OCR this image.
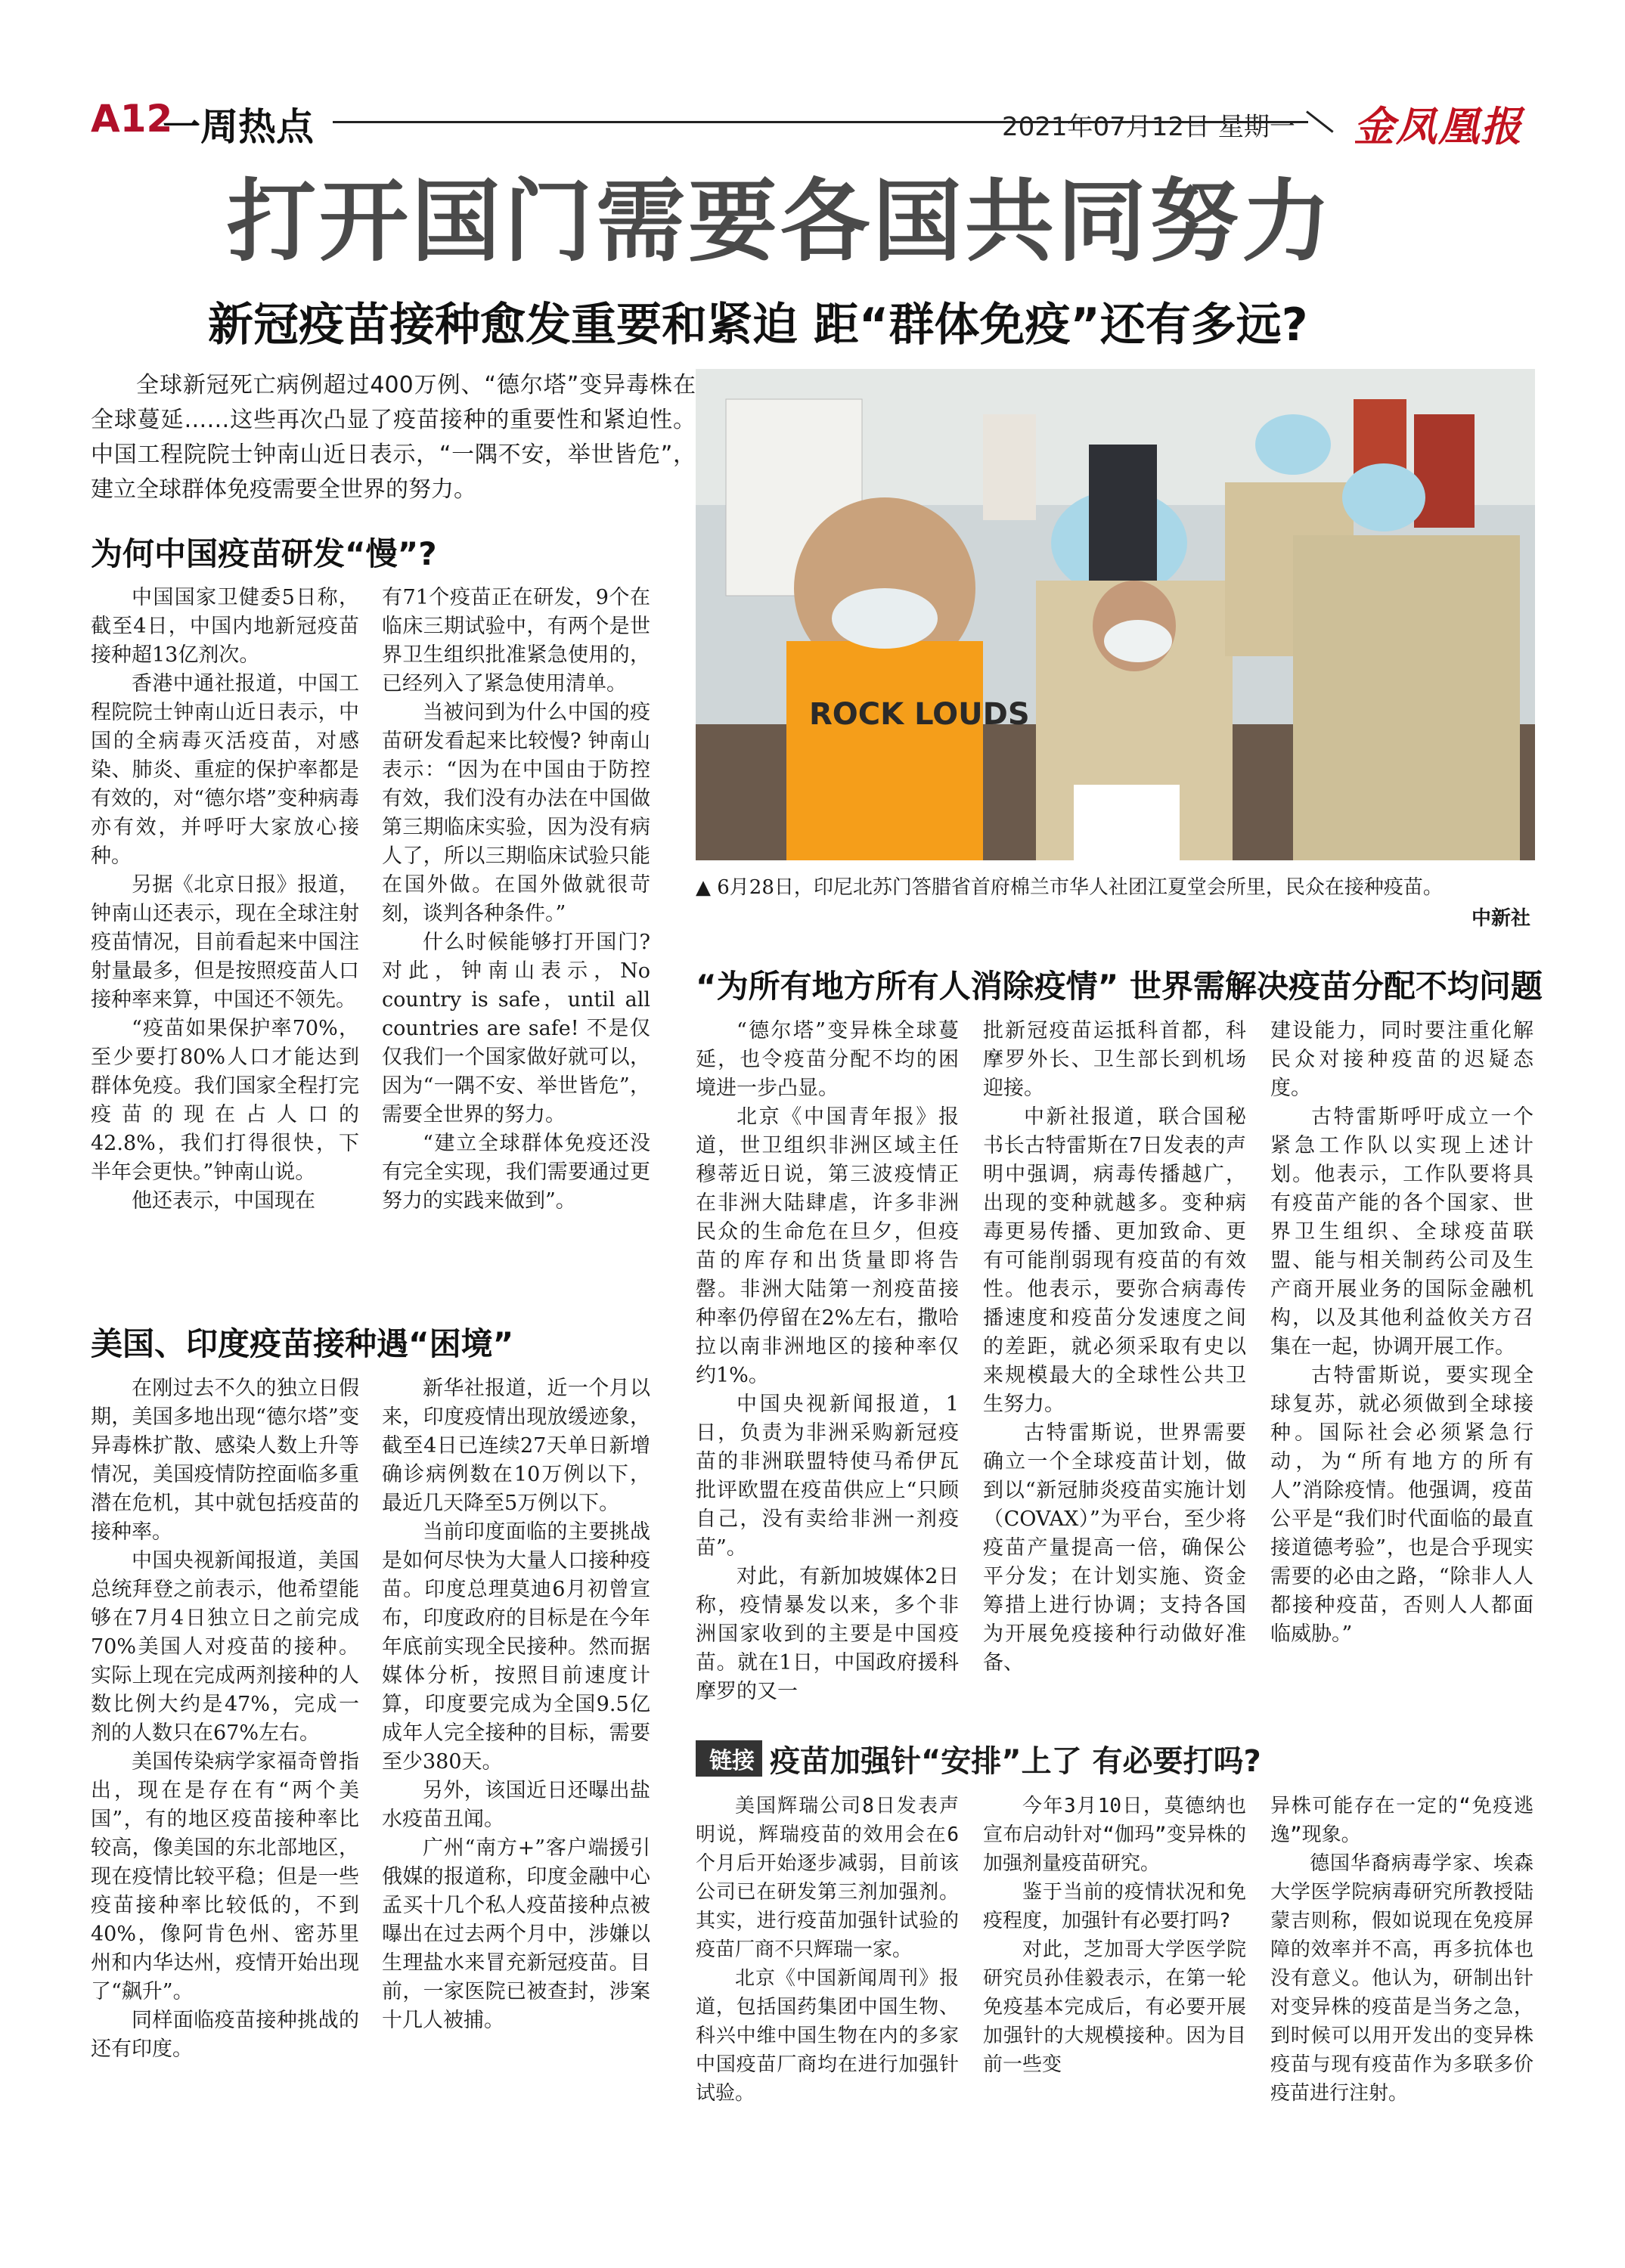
A12
一周热点	2021年07月12日 星期一 金凤凰报
打开国门需要各国共同努力
新冠疫苗接种愈发重要和紧迫 距“群体免疫”还有多远?
全球新冠死亡病例超过400万例、“德尔塔”变异毒株在全球蔓延……这些再次凸显了疫苗接种的重要性和紧迫性。中国工程院院士钟南山近日表示，“一隅不安，举世皆危”，建立全球群体免疫需要全世界的努力。
为何中国疫苗研发“慢”?

中国国家卫健委5日称，截至4日，中国内地新冠疫苗接种超13亿剂次。

香港中通社报道，中国工程院院士钟南山近日表示，中国的全病毒灭活疫苗，对感染、肺炎、重症的保护率都是有效的，对“德尔塔”变种病毒亦有效，并呼吁大家放心接种。

另据《北京日报》报道，钟南山还表示，现在全球注射疫苗情况，目前看起来中国注射量最多，但是按照疫苗人口接种率来算，中国还不领先。

“疫苗如果保护率70%，至少要打80%人口才能达到群体免疫。我们国家全程打完疫苗的现在占人口的42.8%，我们打得很快，下半年会更快。”钟南山说。

他还表示，中国现在

有71个疫苗正在研发，9个在临床三期试验中，有两个是世界卫生组织批准紧急使用的，已经列入了紧急使用清单。

当被问到为什么中国的疫苗研发看起来比较慢? 钟南山表示：“因为在中国由于防控有效，我们没有办法在中国做第三期临床实验，因为没有病人了，所以三期临床试验只能在国外做。在国外做就很苛刻，谈判各种条件。”

什么时候能够打开国门? 对此，钟南山表示，No country is safe，until all countries are safe! 不是仅仅我们一个国家做好就可以，因为“一隅不安、举世皆危”，需要全世界的努力。

“建立全球群体免疫还没有完全实现，我们需要通过更努力的实践来做到”。

美国、印度疫苗接种遇“困境”

在刚过去不久的独立日假期，美国多地出现“德尔塔”变异毒株扩散、感染人数上升等情况，美国疫情防控面临多重潜在危机，其中就包括疫苗的接种率。

中国央视新闻报道，美国总统拜登之前表示，他希望能够在7月4日独立日之前完成70%美国人对疫苗的接种。实际上现在完成两剂接种的人数比例大约是47%，完成一剂的人数只在67%左右。

美国传染病学家福奇曾指出，现在是存在有“两个美国”，有的地区疫苗接种率比较高，像美国的东北部地区，现在疫情比较平稳；但是一些疫苗接种率比较低的，不到40%，像阿肯色州、密苏里州和内华达州，疫情开始出现了“飙升”。

同样面临疫苗接种挑战的还有印度。

新华社报道，近一个月以来，印度疫情出现放缓迹象，截至4日已连续27天单日新增确诊病例数在10万例以下，最近几天降至5万例以下。

当前印度面临的主要挑战是如何尽快为大量人口接种疫苗。印度总理莫迪6月初曾宣布，印度政府的目标是在今年年底前实现全民接种。然而据媒体分析，按照目前速度计算，印度要完成为全国9.5亿成年人完全接种的目标，需要至少380天。

另外，该国近日还曝出盐水疫苗丑闻。

广州“南方+”客户端援引俄媒的报道称，印度金融中心孟买十几个私人疫苗接种点被曝出在过去两个月中，涉嫌以生理盐水来冒充新冠疫苗。目前，一家医院已被查封，涉案十几人被捕。

ROCK LOUDS
▲ 6月28日，印尼北苏门答腊省首府棉兰市华人社团江夏堂会所里，民众在接种疫苗。
中新社
“为所有地方所有人消除疫情” 世界需解决疫苗分配不均问题

“德尔塔”变异株全球蔓延，也令疫苗分配不均的困境进一步凸显。

北京《中国青年报》报道，世卫组织非洲区域主任穆蒂近日说，第三波疫情正在非洲大陆肆虐，许多非洲民众的生命危在旦夕，但疫苗的库存和出货量即将告罄。非洲大陆第一剂疫苗接种率仍停留在2%左右，撒哈拉以南非洲地区的接种率仅约1%。

中国央视新闻报道，1日，负责为非洲采购新冠疫苗的非洲联盟特使马希伊瓦批评欧盟在疫苗供应上“只顾自己，没有卖给非洲一剂疫苗”。

对此，有新加坡媒体2日称，疫情暴发以来，多个非洲国家收到的主要是中国疫苗。就在1日，中国政府援科摩罗的又一

批新冠疫苗运抵科首都，科摩罗外长、卫生部长到机场迎接。

中新社报道，联合国秘书长古特雷斯在7日发表的声明中强调，病毒传播越广，出现的变种就越多。变种病毒更易传播、更加致命、更有可能削弱现有疫苗的有效性。他表示，要弥合病毒传播速度和疫苗分发速度之间的差距，就必须采取有史以来规模最大的全球性公共卫生努力。

古特雷斯说，世界需要确立一个全球疫苗计划，做到以“新冠肺炎疫苗实施计划（COVAX）”为平台，至少将疫苗产量提高一倍，确保公平分发；在计划实施、资金筹措上进行协调；支持各国为开展免疫接种行动做好准备、

建设能力，同时要注重化解民众对接种疫苗的迟疑态度。

古特雷斯呼吁成立一个紧急工作队以实现上述计划。他表示，工作队要将具有疫苗产能的各个国家、世界卫生组织、全球疫苗联盟、能与相关制药公司及生产商开展业务的国际金融机构，以及其他利益攸关方召集在一起，协调开展工作。

古特雷斯说，要实现全球复苏，就必须做到全球接种。国际社会必须紧急行动，为“所有地方的所有人”消除疫情。他强调，疫苗公平是“我们时代面临的最直接道德考验”，也是合乎现实需要的必由之路，“除非人人都接种疫苗，否则人人都面临威胁。”

链接 疫苗加强针“安排”上了 有必要打吗?

美国辉瑞公司8日发表声明说，辉瑞疫苗的效用会在6个月后开始逐步减弱，目前该公司已在研发第三剂加强剂。其实，进行疫苗加强针试验的疫苗厂商不只辉瑞一家。

北京《中国新闻周刊》报道，包括国药集团中国生物、科兴中维中国生物在内的多家中国疫苗厂商均在进行加强针试验。

今年3月10日，莫德纳也宣布启动针对“伽玛”变异株的加强剂量疫苗研究。

鉴于当前的疫情状况和免疫程度，加强针有必要打吗?

对此，芝加哥大学医学院研究员孙佳毅表示，在第一轮免疫基本完成后，有必要开展加强针的大规模接种。因为目前一些变

异株可能存在一定的“免疫逃逸”现象。

德国华裔病毒学家、埃森大学医学院病毒研究所教授陆蒙吉则称，假如说现在免疫屏障的效率并不高，再多抗体也没有意义。他认为，研制出针对变异株的疫苗是当务之急，到时候可以用开发出的变异株疫苗与现有疫苗作为多联多价疫苗进行注射。
